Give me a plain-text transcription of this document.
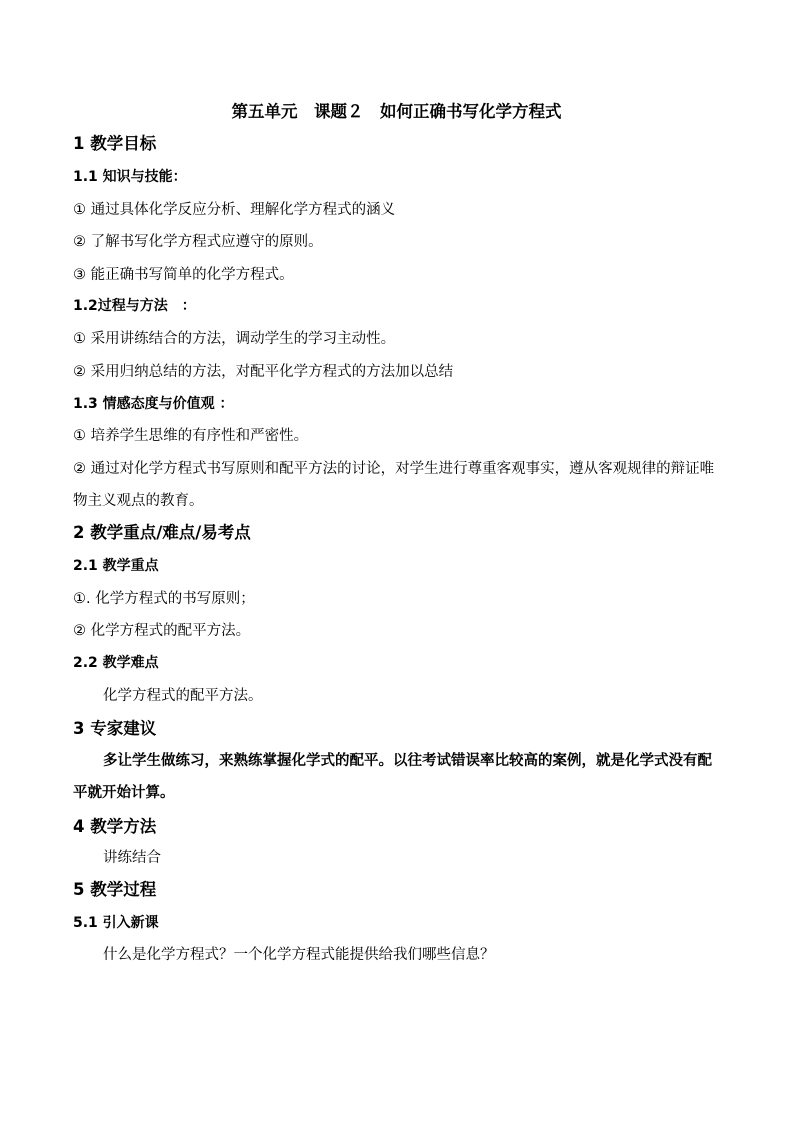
第五单元　课题２　如何正确书写化学方程式
1 教学目标
1.1 知识与技能：
① 通过具体化学反应分析、理解化学方程式的涵义
② 了解书写化学方程式应遵守的原则。
③ 能正确书写简单的化学方程式。
1.2过程与方法　：
① 采用讲练结合的方法，调动学生的学习主动性。
② 采用归纳总结的方法，对配平化学方程式的方法加以总结
1.3 情感态度与价值观 ：
① 培养学生思维的有序性和严密性。
② 通过对化学方程式书写原则和配平方法的讨论，对学生进行尊重客观事实，遵从客观规律的辩证唯物主义观点的教育。
2 教学重点/难点/易考点
2.1 教学重点
①. 化学方程式的书写原则；
② 化学方程式的配平方法。
2.2 教学难点
化学方程式的配平方法。
3 专家建议
多让学生做练习，来熟练掌握化学式的配平。以往考试错误率比较高的案例，就是化学式没有配平就开始计算。
4 教学方法
讲练结合
5 教学过程
5.1 引入新课
什么是化学方程式？一个化学方程式能提供给我们哪些信息？
